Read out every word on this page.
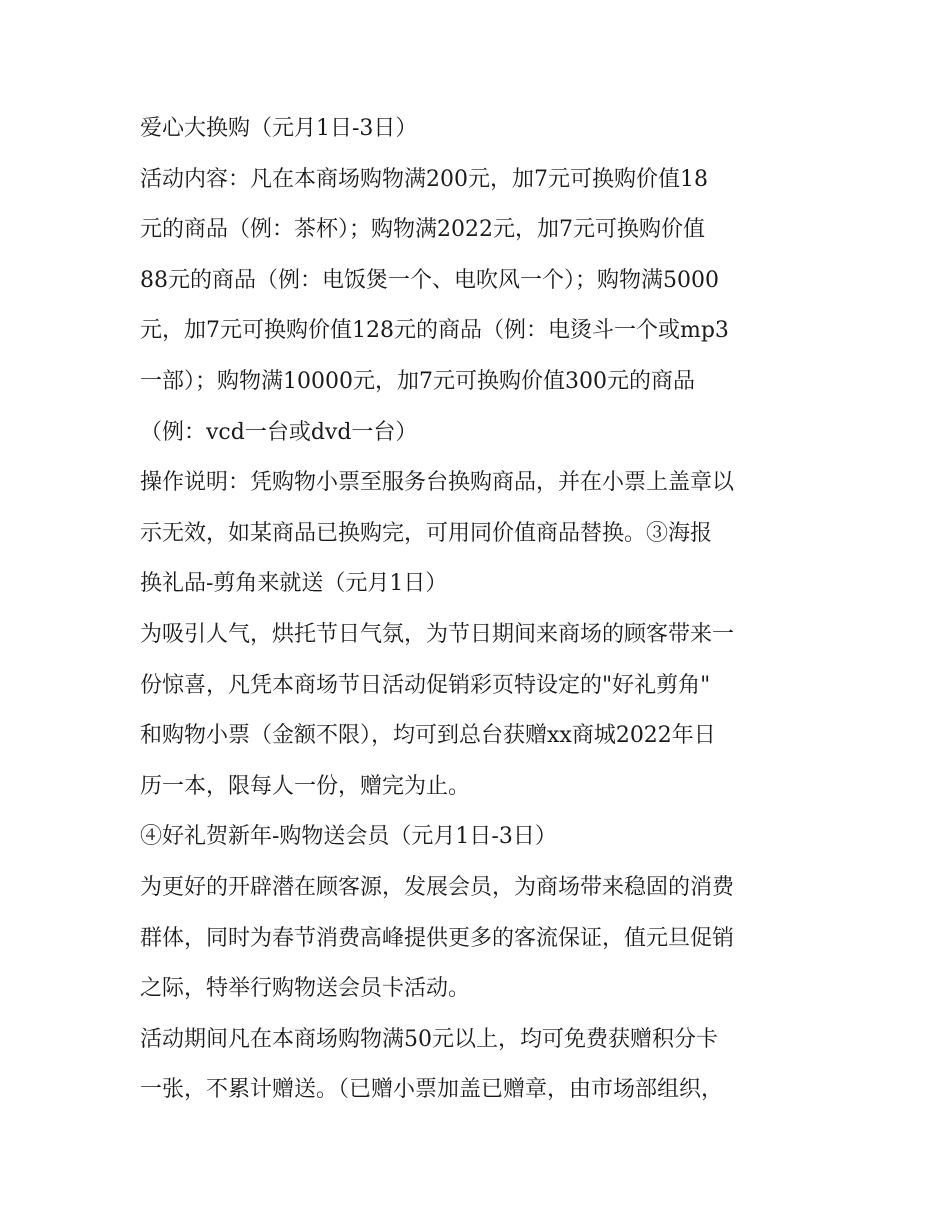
爱心大换购（元月1日-3日）
活动内容：凡在本商场购物满200元，加7元可换购价值18
元的商品（例：茶杯）；购物满2022元，加7元可换购价值
88元的商品（例：电饭煲一个、电吹风一个）；购物满5000
元，加7元可换购价值128元的商品（例：电烫斗一个或mp3
一部）；购物满10000元，加7元可换购价值300元的商品
（例：vcd一台或dvd一台）
操作说明：凭购物小票至服务台换购商品，并在小票上盖章以
示无效，如某商品已换购完，可用同价值商品替换。③海报
换礼品-剪角来就送（元月1日）
为吸引人气，烘托节日气氛，为节日期间来商场的顾客带来一
份惊喜，凡凭本商场节日活动促销彩页特设定的"好礼剪角"
和购物小票（金额不限），均可到总台获赠xx商城2022年日
历一本，限每人一份，赠完为止。
④好礼贺新年-购物送会员（元月1日-3日）
为更好的开辟潜在顾客源，发展会员，为商场带来稳固的消费
群体，同时为春节消费高峰提供更多的客流保证，值元旦促销
之际，特举行购物送会员卡活动。
活动期间凡在本商场购物满50元以上，均可免费获赠积分卡
一张，不累计赠送。（已赠小票加盖已赠章，由市场部组织，
